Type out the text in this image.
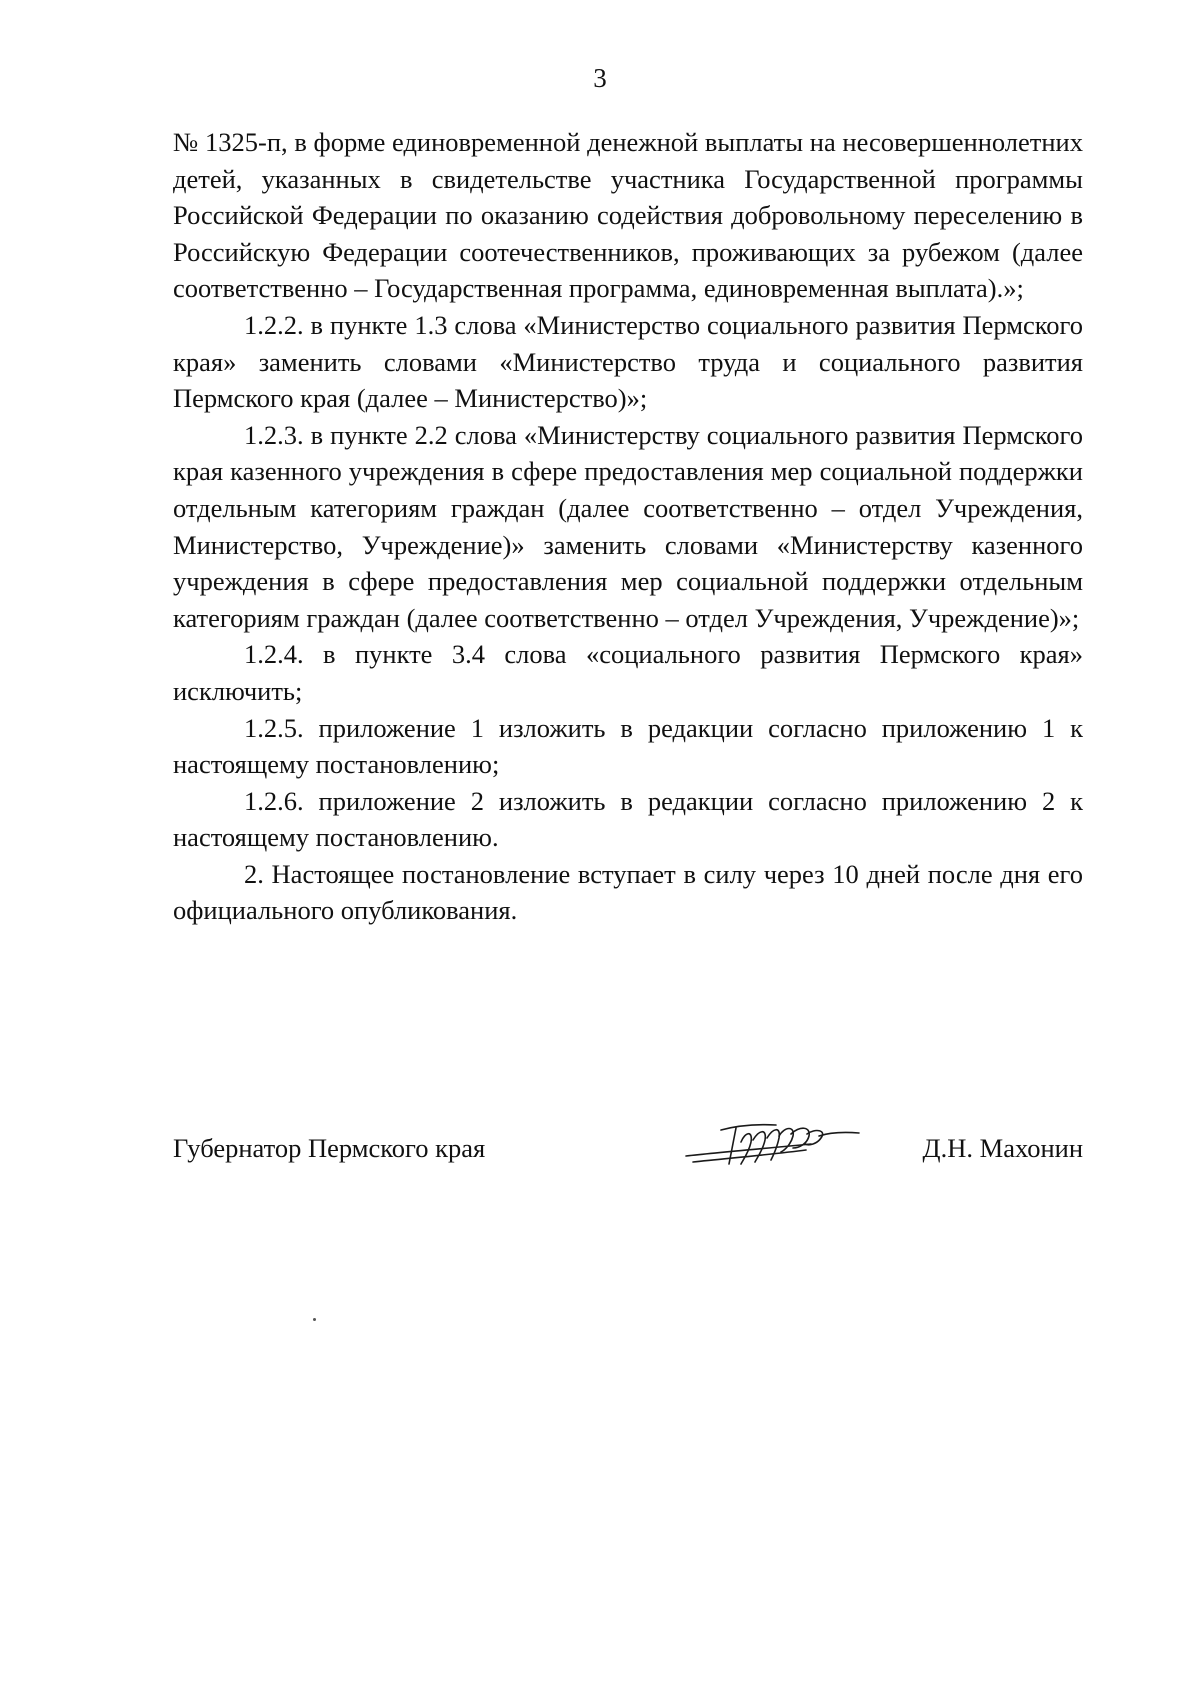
3

№ 1325-п, в форме единовременной денежной выплаты на несовершеннолетних детей, указанных в свидетельстве участника Государственной программы Российской Федерации по оказанию содействия добровольному переселению в Российскую Федерации соотечественников, проживающих за рубежом (далее соответственно – Государственная программа, единовременная выплата).»;

1.2.2. в пункте 1.3 слова «Министерство социального развития Пермского края» заменить словами «Министерство труда и социального развития Пермского края (далее – Министерство)»;

1.2.3. в пункте 2.2 слова «Министерству социального развития Пермского края казенного учреждения в сфере предоставления мер социальной поддержки отдельным категориям граждан (далее соответственно – отдел Учреждения, Министерство, Учреждение)» заменить словами «Министерству казенного учреждения в сфере предоставления мер социальной поддержки отдельным категориям граждан (далее соответственно – отдел Учреждения, Учреждение)»;

1.2.4. в пункте 3.4 слова «социального развития Пермского края» исключить;

1.2.5. приложение 1 изложить в редакции согласно приложению 1 к настоящему постановлению;

1.2.6. приложение 2 изложить в редакции согласно приложению 2 к настоящему постановлению.

2. Настоящее постановление вступает в силу через 10 дней после дня его официального опубликования.

Губернатор Пермского края	Д.Н. Махонин
